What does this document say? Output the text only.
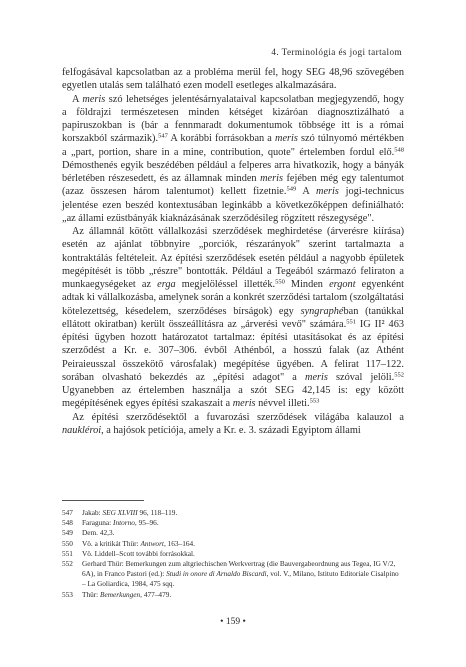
4. Terminológia és jogi tartalom

felfogásával kapcsolatban az a probléma merül fel, hogy SEG 48,96 szövegében egyetlen utalás sem található ezen modell esetleges alkalmazására.

A meris szó lehetséges jelentésárnyalataival kapcsolatban megjegyzendő, hogy a földrajzi természetesen minden kétséget kizáróan diagnosztizálható a papiruszokban is (bár a fennmaradt dokumentumok többsége itt is a római korszakból származik).$^{547}$ A korábbi forrásokban a meris szó túlnyomó mértékben a „part, portion, share in a mine, contribution, quote" értelemben fordul elő.$^{548}$ Démosthenés egyik beszédében például a felperes arra hivatkozik, hogy a bányák bérletében részesedett, és az államnak minden meris fejében még egy talentumot (azaz összesen három talentumot) kellett fizetnie.$^{549}$ A meris jogi-technicus jelentése ezen beszéd kontextusában leginkább a következőképpen definiálható: „az állami ezüstbányák kiaknázásának szerződésileg rögzített részegysége".

Az államnál kötött vállalkozási szerződések meghirdetése (árverésre kiírása) esetén az ajánlat többnyire „porciók, részarányok" szerint tartalmazta a kontraktálás feltételeit. Az építési szerződések esetén például a nagyobb épületek megépítését is több „részre" bontották. Például a Tegeából származó feliraton a munkaegységeket az erga megjelöléssel illették.$^{550}$ Minden ergont egyenként adtak ki vállalkozásba, amelynek során a konkrét szerződési tartalom (szolgáltatási kötelezettség, késedelem, szerződéses bírságok) egy syngraphéban (tanúkkal ellátott okiratban) került összeállításra az „árverési vevő" számára.$^{551}$ IG II² 463 építési ügyben hozott határozatot tartalmaz: építési utasításokat és az építési szerződést a Kr. e. 307–306. évből Athénból, a hosszú falak (az Athént Peiraieusszal összekötő városfalak) megépítése ügyében. A felirat 117–122. sorában olvasható bekezdés az „építési adagot" a meris szóval jelöli.$^{552}$ Ugyanebben az értelemben használja a szót SEG 42,145 is: egy között megépítésének egyes építési szakaszait a meris névvel illeti.$^{553}$

Az építési szerződésektől a fuvarozási szerződések világába kalauzol a naukléroi, a hajósok petíciója, amely a Kr. e. 3. századi Egyiptom állami

547	Jakab: SEG XLVIII 96, 118–119.
548	Faraguna: Intorno, 95–96.
549	Dem. 42,3.
550	Vö. a kritikát Thür: Antwort, 163–164.
551	Vö. Liddell–Scott további forrásokkal.
552	Gerhard Thür: Bemerkungen zum altgriechischen Werkvertrag (die Bauvergabeordnung aus Tegea, IG V/2, 6A), in Franco Pastori (ed.): Studi in onore di Arnaldo Biscardi, vol. V., Milano, Istituto Editoriale Cisalpino – La Goliardica, 1984, 475 sqq.
553	Thür: Bemerkungen, 477–479.
• 159 •
